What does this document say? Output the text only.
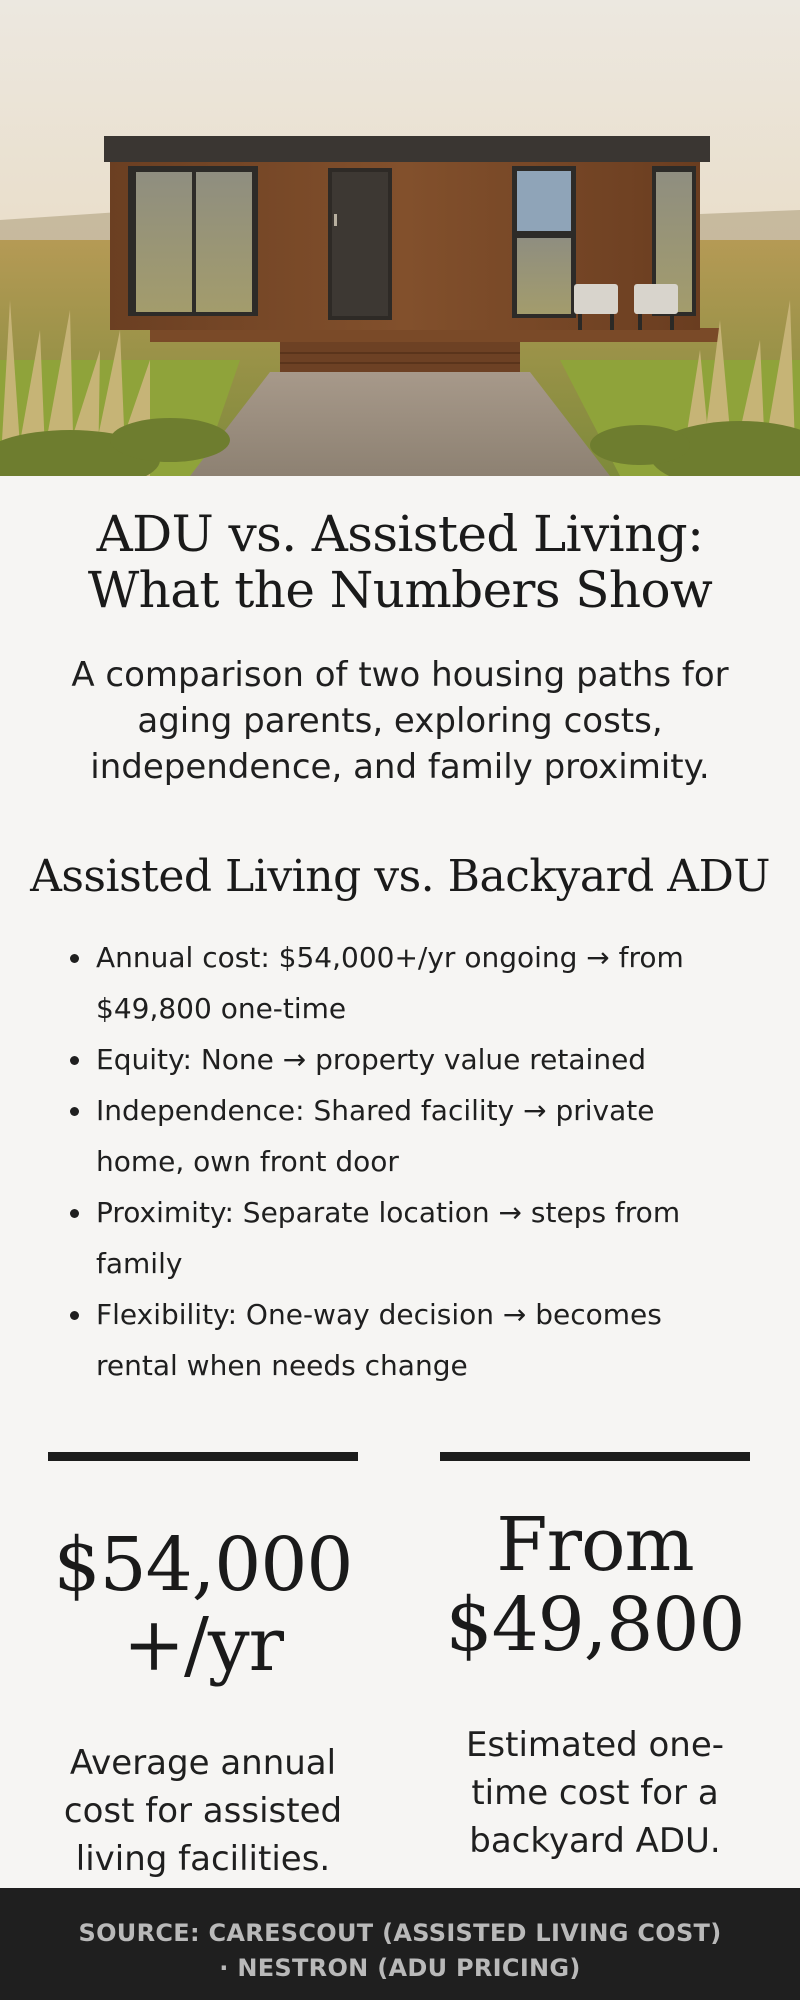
ADU vs. Assisted Living:
What the Numbers Show

A comparison of two housing paths for aging parents, exploring costs, independence, and family proximity.

Assisted Living vs. Backyard ADU
Annual cost: $54,000+/yr ongoing → from $49,800 one-time
Equity: None → property value retained
Independence: Shared facility → private home, own front door
Proximity: Separate location → steps from family
Flexibility: One-way decision → becomes rental when needs change
$54,000
+/yr
Average annual cost for assisted living facilities.
From
$49,800
Estimated one-time cost for a backyard ADU.
SOURCE: CARESCOUT (ASSISTED LIVING COST) · NESTRON (ADU PRICING)
